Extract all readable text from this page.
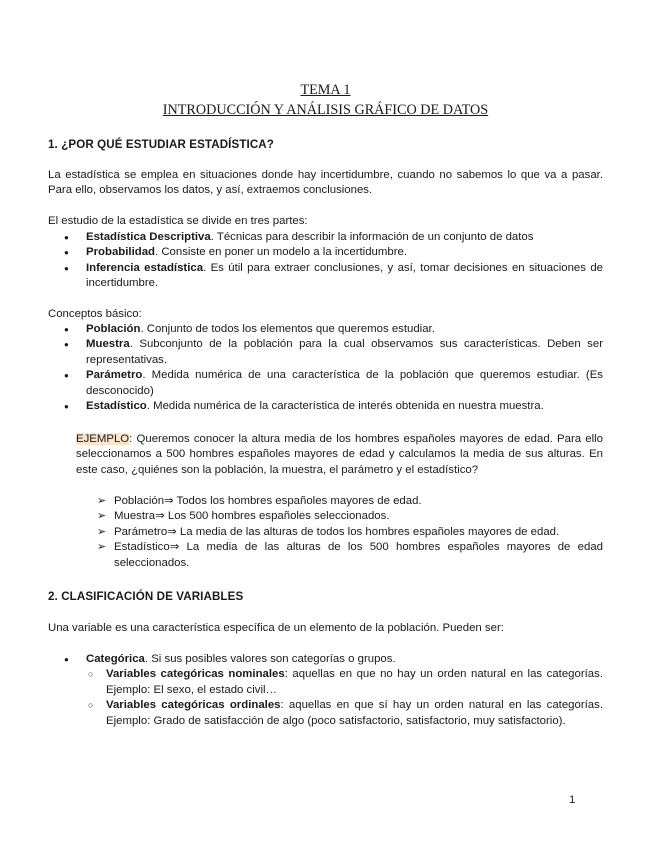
TEMA 1
INTRODUCCIÓN Y ANÁLISIS GRÁFICO DE DATOS
1. ¿POR QUÉ ESTUDIAR ESTADÍSTICA?

La estadística se emplea en situaciones donde hay incertidumbre, cuando no sabemos lo que va a pasar. Para ello, observamos los datos, y así, extraemos conclusiones.

El estudio de la estadística se divide en tres partes:

● Estadística Descriptiva. Técnicas para describir la información de un conjunto de datos
● Probabilidad. Consiste en poner un modelo a la incertidumbre.
● Inferencia estadística. Es útil para extraer conclusiones, y así, tomar decisiones en situaciones de incertidumbre.

Conceptos básico:

● Población. Conjunto de todos los elementos que queremos estudiar.
● Muestra. Subconjunto de la población para la cual observamos sus características. Deben ser representativas.
● Parámetro. Medida numérica de una característica de la población que queremos estudiar. (Es desconocido)
● Estadístico. Medida numérica de la característica de interés obtenida en nuestra muestra.

EJEMPLO: Queremos conocer la altura media de los hombres españoles mayores de edad. Para ello seleccionamos a 500 hombres españoles mayores de edad y calculamos la media de sus alturas. En este caso, ¿quiénes son la población, la muestra, el parámetro y el estadístico?

➢ Población⇒ Todos los hombres españoles mayores de edad.
➢ Muestra⇒ Los 500 hombres españoles seleccionados.
➢ Parámetro⇒ La media de las alturas de todos los hombres españoles mayores de edad.
➢ Estadístico⇒ La media de las alturas de los 500 hombres españoles mayores de edad seleccionados.
2. CLASIFICACIÓN DE VARIABLES

Una variable es una característica específica de un elemento de la población. Pueden ser:

● Categórica. Si sus posibles valores son categorías o grupos.
○ Variables categóricas nominales: aquellas en que no hay un orden natural en las categorías. Ejemplo: El sexo, el estado civil…
○ Variables categóricas ordinales: aquellas en que sí hay un orden natural en las categorías. Ejemplo: Grado de satisfacción de algo (poco satisfactorio, satisfactorio, muy satisfactorio).
1
